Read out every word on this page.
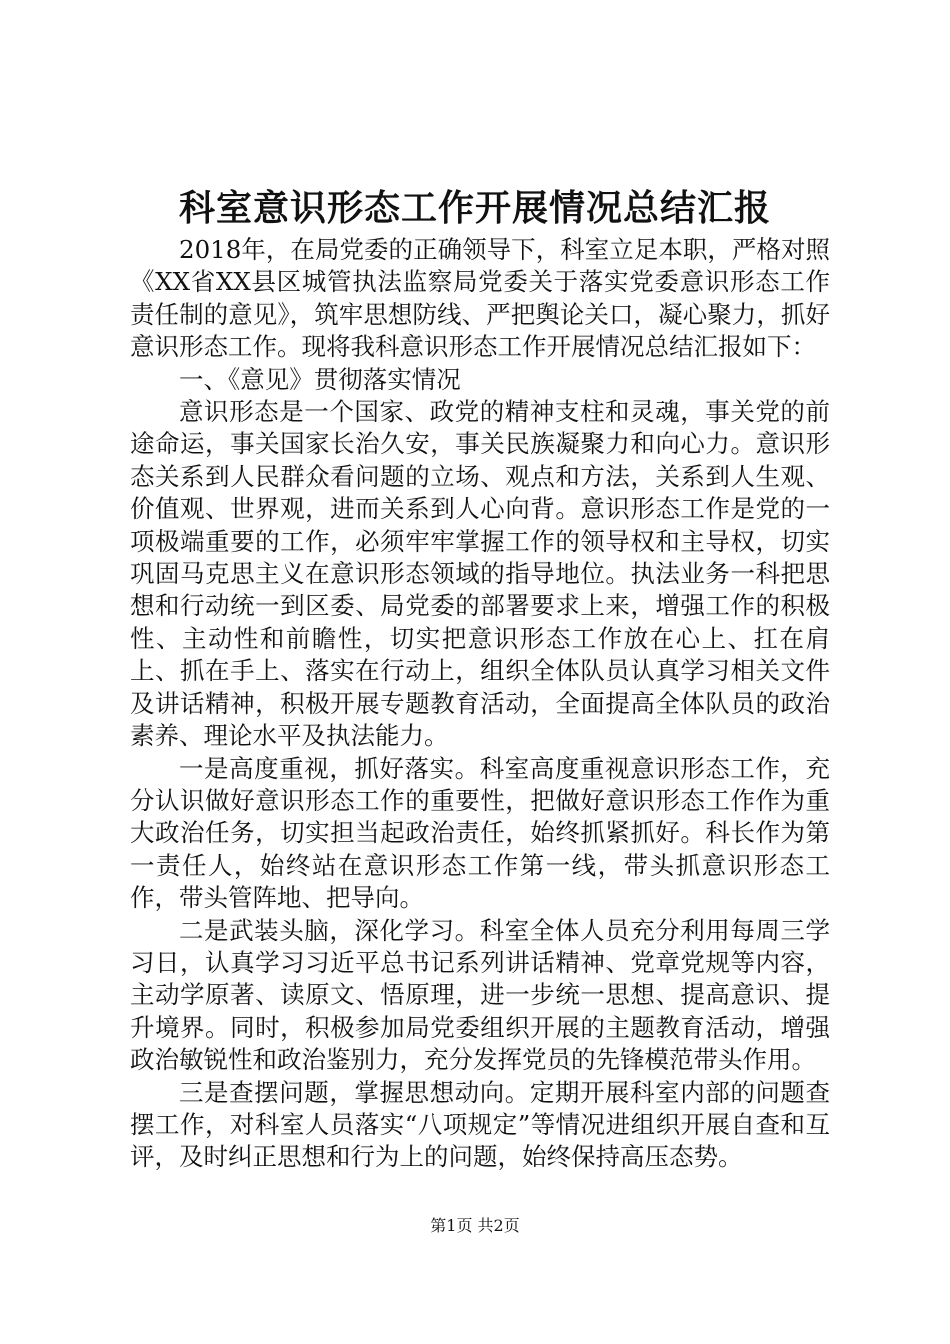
科室意识形态工作开展情况总结汇报

2018年，在局党委的正确领导下，科室立足本职，严格对照《XX省XX县区城管执法监察局党委关于落实党委意识形态工作责任制的意见》，筑牢思想防线、严把舆论关口，凝心聚力，抓好意识形态工作。现将我科意识形态工作开展情况总结汇报如下：

一、《意见》贯彻落实情况

意识形态是一个国家、政党的精神支柱和灵魂，事关党的前途命运，事关国家长治久安，事关民族凝聚力和向心力。意识形态关系到人民群众看问题的立场、观点和方法，关系到人生观、价值观、世界观，进而关系到人心向背。意识形态工作是党的一项极端重要的工作，必须牢牢掌握工作的领导权和主导权，切实巩固马克思主义在意识形态领域的指导地位。执法业务一科把思想和行动统一到区委、局党委的部署要求上来，增强工作的积极性、主动性和前瞻性，切实把意识形态工作放在心上、扛在肩上、抓在手上、落实在行动上，组织全体队员认真学习相关文件及讲话精神，积极开展专题教育活动，全面提高全体队员的政治素养、理论水平及执法能力。

一是高度重视，抓好落实。科室高度重视意识形态工作，充分认识做好意识形态工作的重要性，把做好意识形态工作作为重大政治任务，切实担当起政治责任，始终抓紧抓好。科长作为第一责任人，始终站在意识形态工作第一线，带头抓意识形态工作，带头管阵地、把导向。

二是武装头脑，深化学习。科室全体人员充分利用每周三学习日，认真学习习近平总书记系列讲话精神、党章党规等内容，主动学原著、读原文、悟原理，进一步统一思想、提高意识、提升境界。同时，积极参加局党委组织开展的主题教育活动，增强政治敏锐性和政治鉴别力，充分发挥党员的先锋模范带头作用。

三是查摆问题，掌握思想动向。定期开展科室内部的问题查摆工作，对科室人员落实“八项规定”等情况进组织开展自查和互评，及时纠正思想和行为上的问题，始终保持高压态势。

第1页 共2页
